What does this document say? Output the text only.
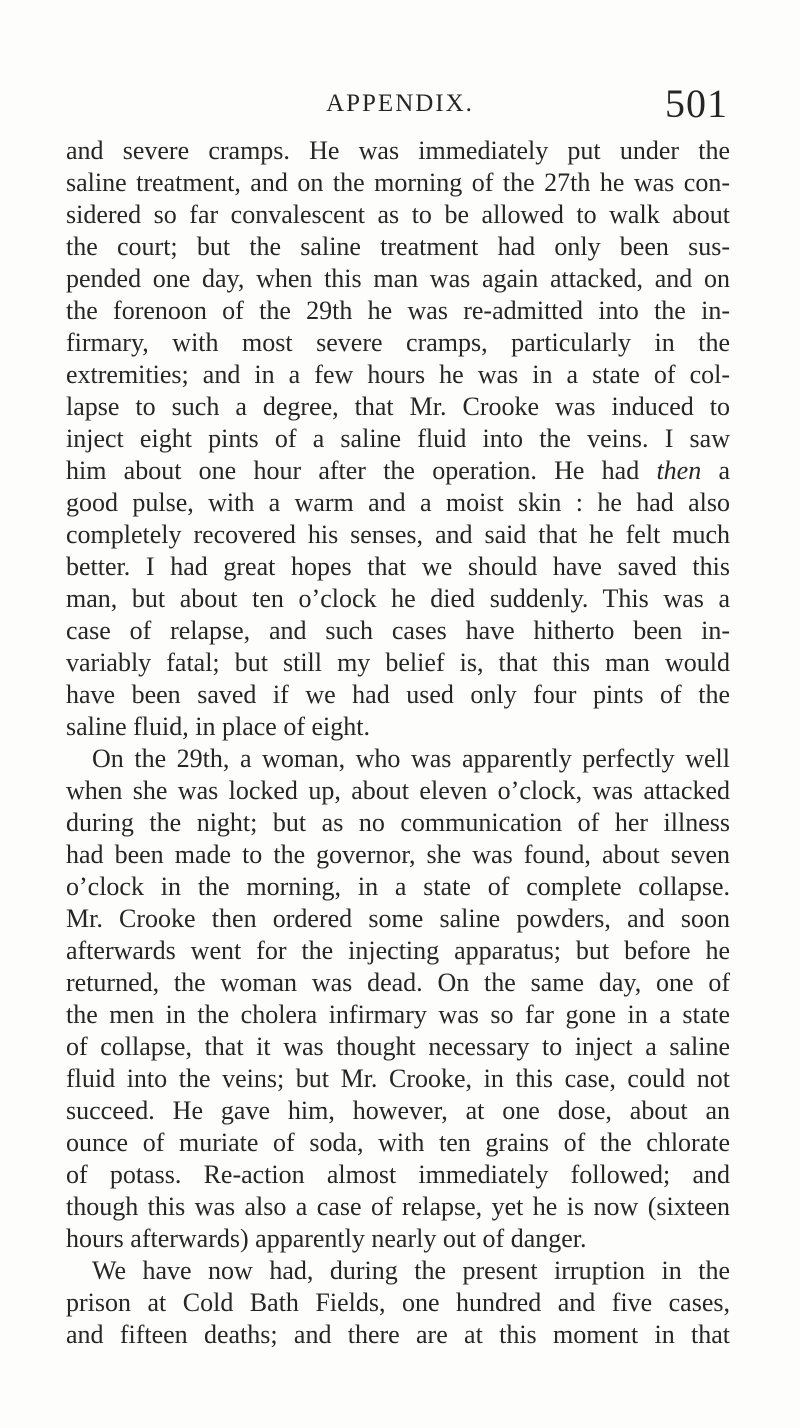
APPENDIX.	501
and severe cramps. He was immediately put under the
saline treatment, and on the morning of the 27th he was con-
sidered so far convalescent as to be allowed to walk about
the court; but the saline treatment had only been sus-
pended one day, when this man was again attacked, and on
the forenoon of the 29th he was re-admitted into the in-
firmary, with most severe cramps, particularly in the
extremities; and in a few hours he was in a state of col-
lapse to such a degree, that Mr. Crooke was induced to
inject eight pints of a saline fluid into the veins. I saw
him about one hour after the operation. He had then a
good pulse, with a warm and a moist skin : he had also
completely recovered his senses, and said that he felt much
better. I had great hopes that we should have saved this
man, but about ten o’clock he died suddenly. This was a
case of relapse, and such cases have hitherto been in-
variably fatal; but still my belief is, that this man would
have been saved if we had used only four pints of the
saline fluid, in place of eight.
On the 29th, a woman, who was apparently perfectly well
when she was locked up, about eleven o’clock, was attacked
during the night; but as no communication of her illness
had been made to the governor, she was found, about seven
o’clock in the morning, in a state of complete collapse.
Mr. Crooke then ordered some saline powders, and soon
afterwards went for the injecting apparatus; but before he
returned, the woman was dead. On the same day, one of
the men in the cholera infirmary was so far gone in a state
of collapse, that it was thought necessary to inject a saline
fluid into the veins; but Mr. Crooke, in this case, could not
succeed. He gave him, however, at one dose, about an
ounce of muriate of soda, with ten grains of the chlorate
of potass. Re-action almost immediately followed; and
though this was also a case of relapse, yet he is now (sixteen
hours afterwards) apparently nearly out of danger.
We have now had, during the present irruption in the
prison at Cold Bath Fields, one hundred and five cases,
and fifteen deaths; and there are at this moment in that
